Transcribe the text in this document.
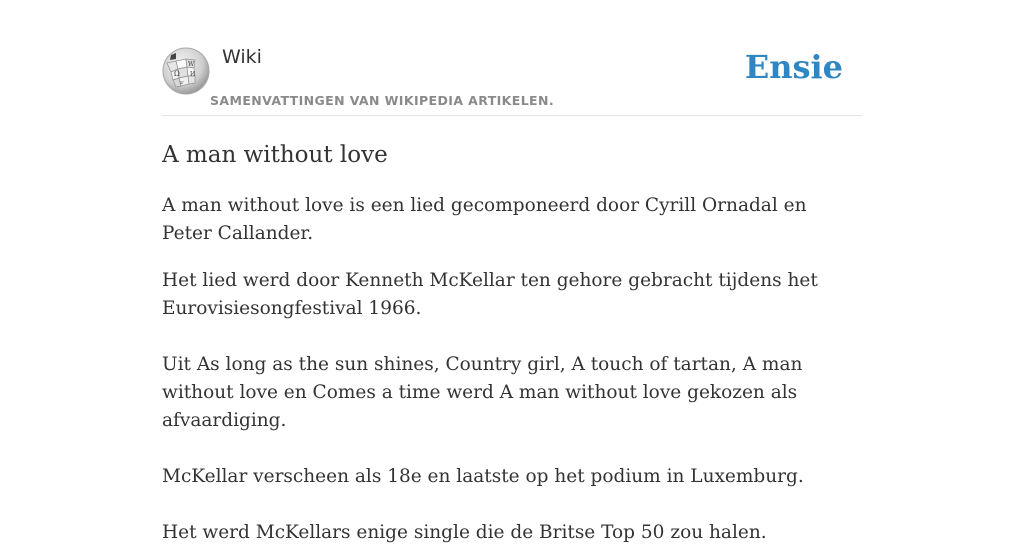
Ω
W
И
ש
Wiki
SAMENVATTINGEN VAN WIKIPEDIA ARTIKELEN.
Ensie
A man without love

A man without love is een lied gecomponeerd door Cyrill Ornadal en Peter Callander.

Het lied werd door Kenneth McKellar ten gehore gebracht tijdens het Eurovisiesongfestival 1966.

Uit As long as the sun shines, Country girl, A touch of tartan, A man without love en Comes a time werd A man without love gekozen als afvaardiging.

McKellar verscheen als 18e en laatste op het podium in Luxemburg.

Het werd McKellars enige single die de Britse Top 50 zou halen.
